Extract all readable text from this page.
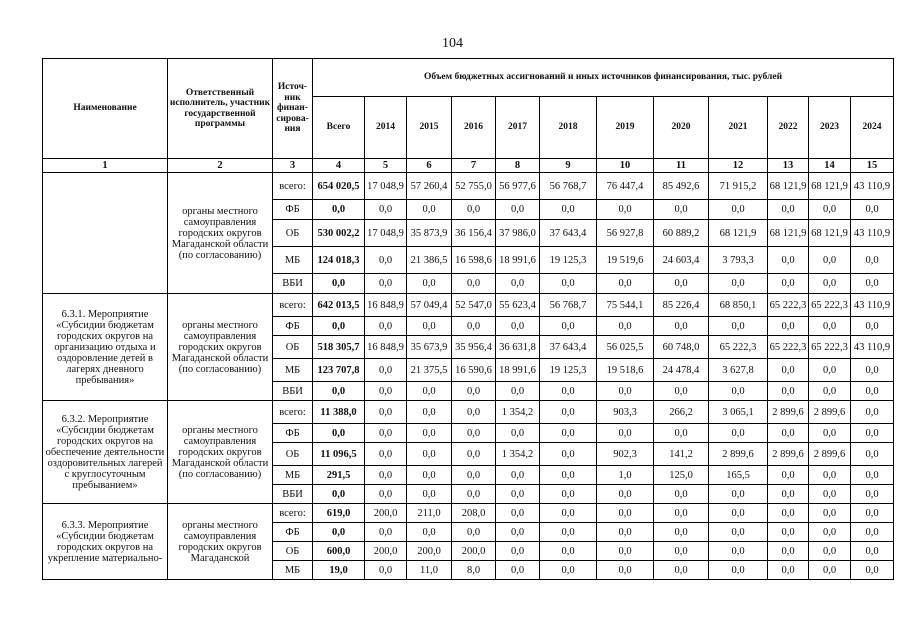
104
Наименование	Ответственный исполнитель, участник государственной программы	Источ-ник финан-сирова-ния	Объем бюджетных ассигнований и иных источников финансирования, тыс. рублей											
			Всего	2014	2015	2016	2017	2018	2019	2020	2021	2022	2023	2024
1	2	3	4	5	6	7	8	9	10	11	12	13	14	15
	органы местного самоуправления городских округов Магаданской области (по согласованию)	всего:	654 020,5	17 048,9	57 260,4	52 755,0	56 977,6	56 768,7	76 447,4	85 492,6	71 915,2	68 121,9	68 121,9	43 110,9
		ФБ	0,0	0,0	0,0	0,0	0,0	0,0	0,0	0,0	0,0	0,0	0,0	0,0
		ОБ	530 002,2	17 048,9	35 873,9	36 156,4	37 986,0	37 643,4	56 927,8	60 889,2	68 121,9	68 121,9	68 121,9	43 110,9
		МБ	124 018,3	0,0	21 386,5	16 598,6	18 991,6	19 125,3	19 519,6	24 603,4	3 793,3	0,0	0,0	0,0
		ВБИ	0,0	0,0	0,0	0,0	0,0	0,0	0,0	0,0	0,0	0,0	0,0	0,0
6.3.1. Мероприятие «Субсидии бюджетам городских округов на организацию отдыха и оздоровление детей в лагерях дневного пребывания»	органы местного самоуправления городских округов Магаданской области (по согласованию)	всего:	642 013,5	16 848,9	57 049,4	52 547,0	55 623,4	56 768,7	75 544,1	85 226,4	68 850,1	65 222,3	65 222,3	43 110,9
		ФБ	0,0	0,0	0,0	0,0	0,0	0,0	0,0	0,0	0,0	0,0	0,0	0,0
		ОБ	518 305,7	16 848,9	35 673,9	35 956,4	36 631,8	37 643,4	56 025,5	60 748,0	65 222,3	65 222,3	65 222,3	43 110,9
		МБ	123 707,8	0,0	21 375,5	16 590,6	18 991,6	19 125,3	19 518,6	24 478,4	3 627,8	0,0	0,0	0,0
		ВБИ	0,0	0,0	0,0	0,0	0,0	0,0	0,0	0,0	0,0	0,0	0,0	0,0
6.3.2. Мероприятие «Субсидии бюджетам городских округов на обеспечение деятельности оздоровительных лагерей с круглосуточным пребыванием»	органы местного самоуправления городских округов Магаданской области (по согласованию)	всего:	11 388,0	0,0	0,0	0,0	1 354,2	0,0	903,3	266,2	3 065,1	2 899,6	2 899,6	0,0
		ФБ	0,0	0,0	0,0	0,0	0,0	0,0	0,0	0,0	0,0	0,0	0,0	0,0
		ОБ	11 096,5	0,0	0,0	0,0	1 354,2	0,0	902,3	141,2	2 899,6	2 899,6	2 899,6	0,0
		МБ	291,5	0,0	0,0	0,0	0,0	0,0	1,0	125,0	165,5	0,0	0,0	0,0
		ВБИ	0,0	0,0	0,0	0,0	0,0	0,0	0,0	0,0	0,0	0,0	0,0	0,0
6.3.3. Мероприятие «Субсидии бюджетам городских округов на укрепление материально-	органы местного самоуправления городских округов Магаданской	всего:	619,0	200,0	211,0	208,0	0,0	0,0	0,0	0,0	0,0	0,0	0,0	0,0
		ФБ	0,0	0,0	0,0	0,0	0,0	0,0	0,0	0,0	0,0	0,0	0,0	0,0
		ОБ	600,0	200,0	200,0	200,0	0,0	0,0	0,0	0,0	0,0	0,0	0,0	0,0
		МБ	19,0	0,0	11,0	8,0	0,0	0,0	0,0	0,0	0,0	0,0	0,0	0,0
